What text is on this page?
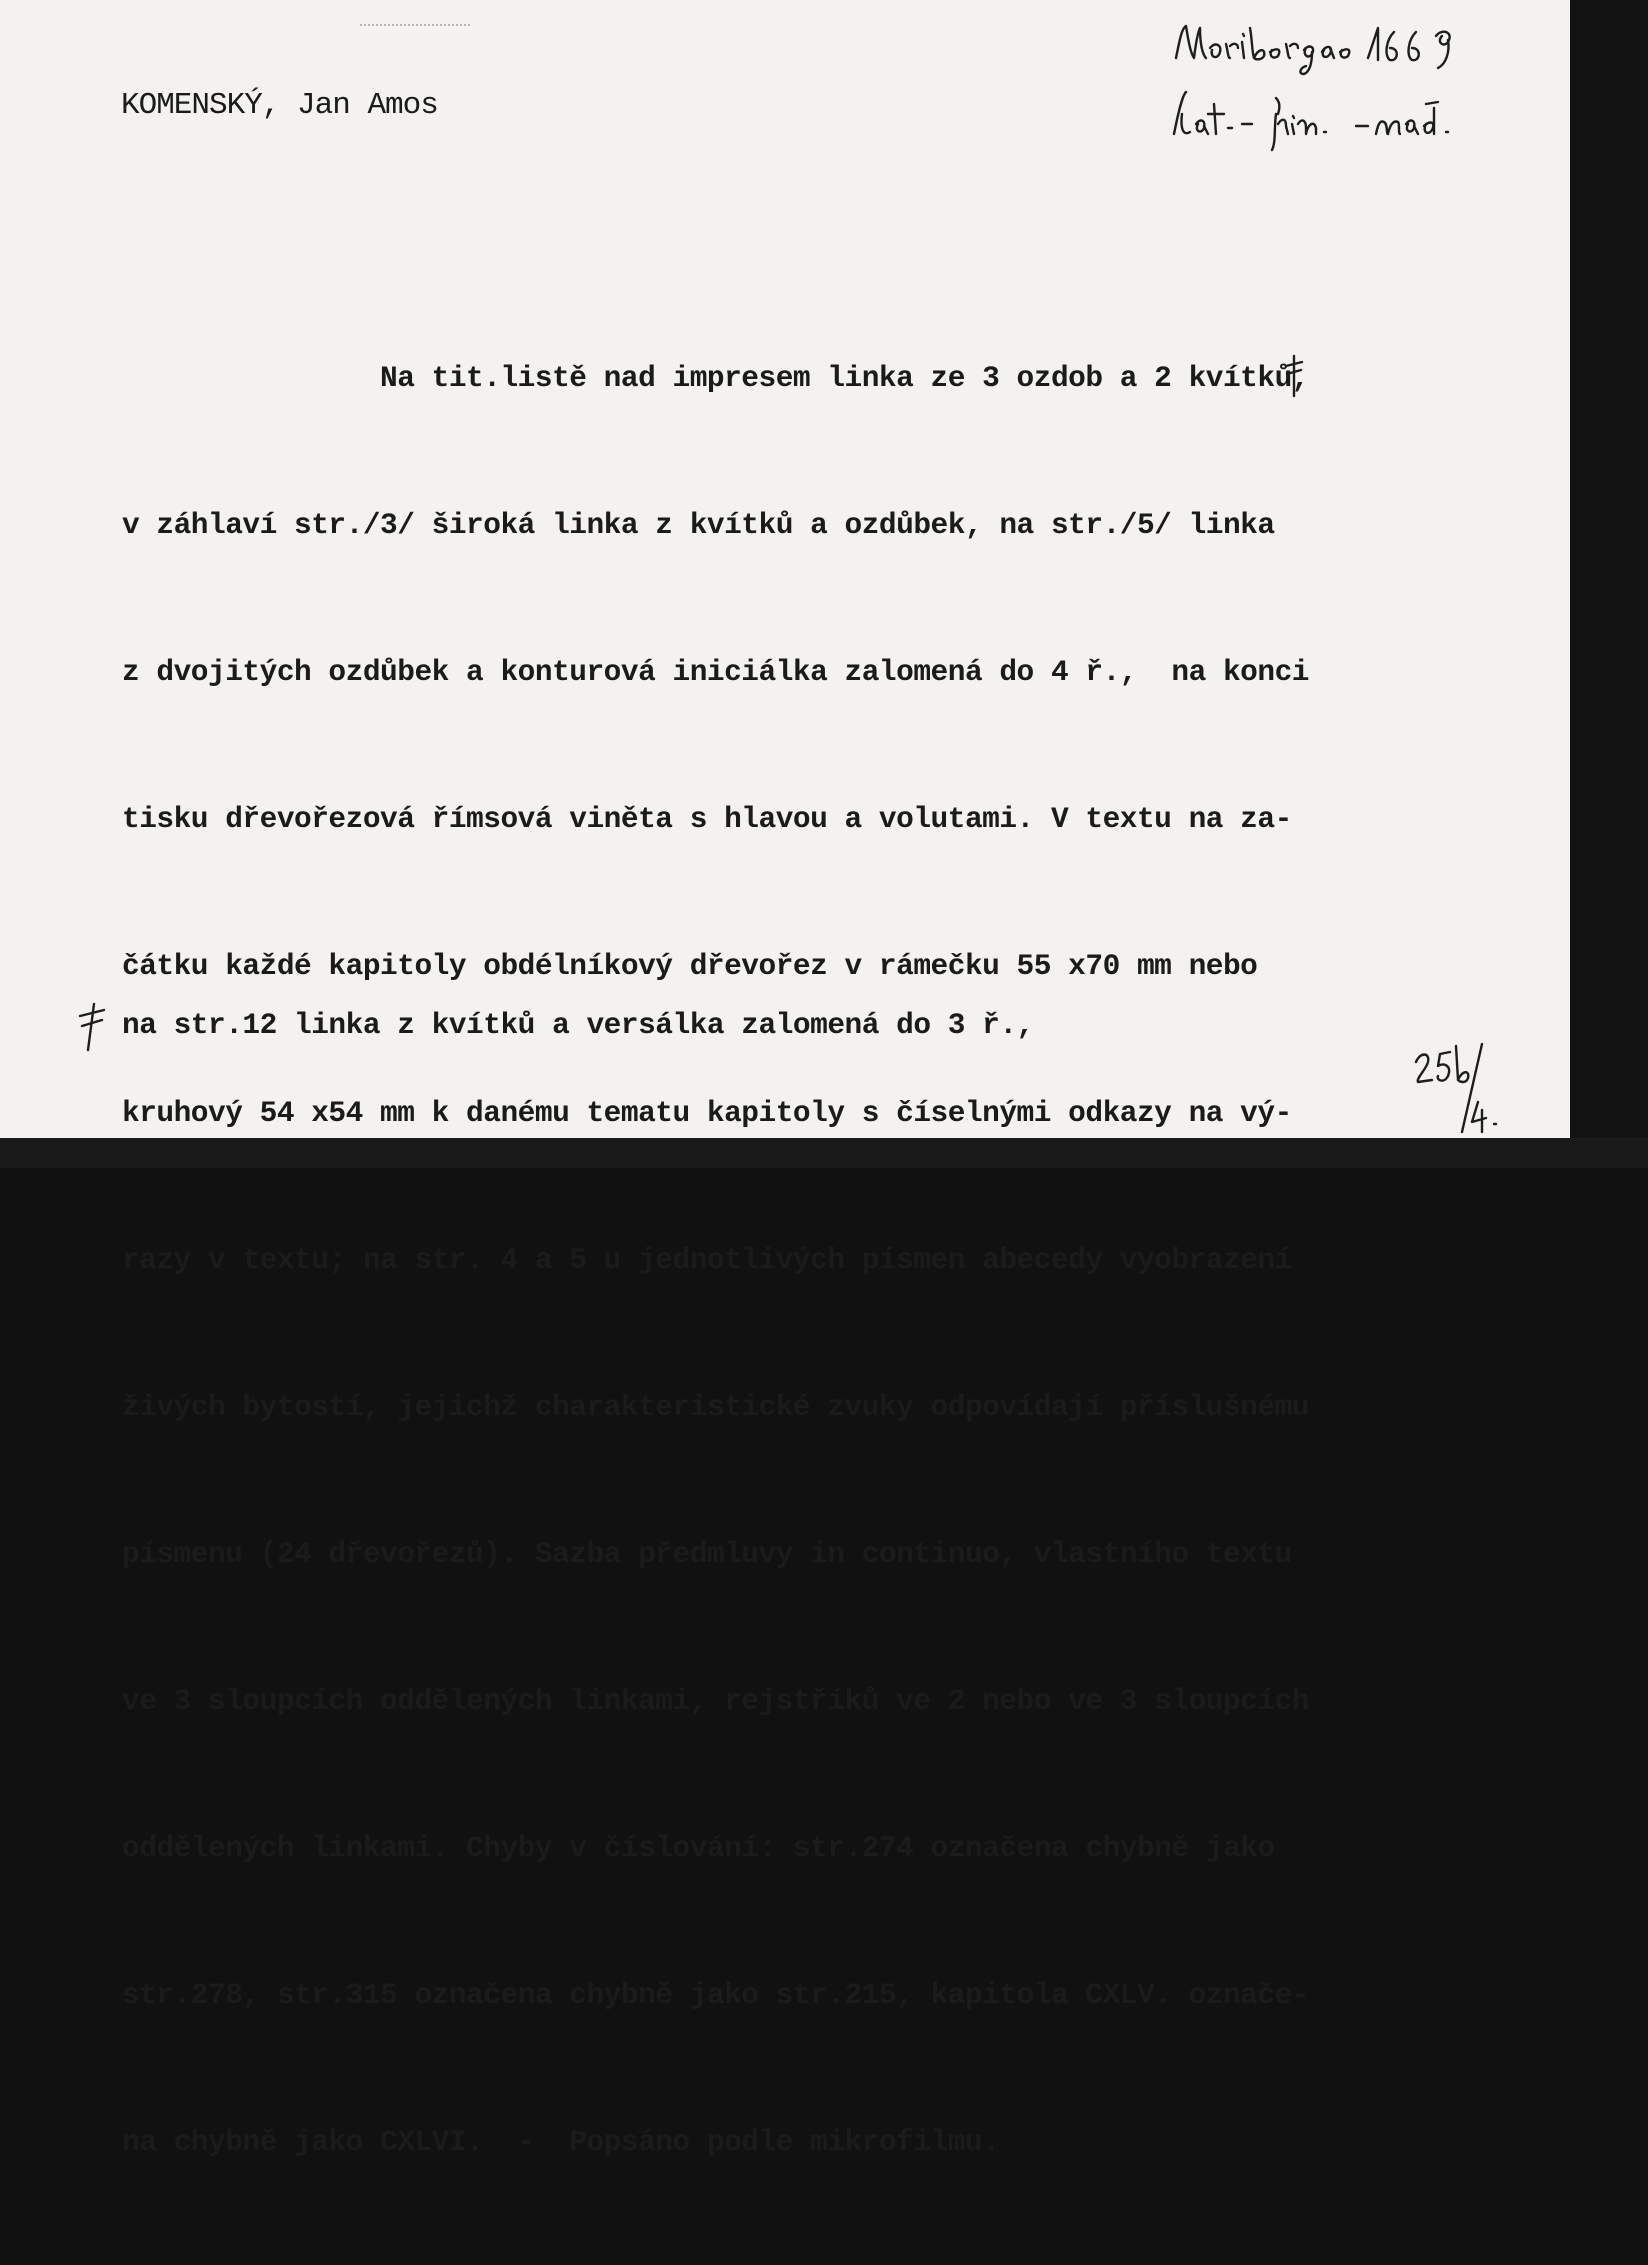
KOMENSKÝ, Jan Amos

Na tit.listě nad impresem linka ze 3 ozdob a 2 kvítků,

v záhlaví str./3/ široká linka z kvítků a ozdůbek, na str./5/ linka

z dvojitých ozdůbek a konturová iniciálka zalomená do 4 ř.,  na konci

tisku dřevořezová římsová viněta s hlavou a volutami. V textu na za-

čátku každé kapitoly obdélníkový dřevořez v rámečku 55 x70 mm nebo

kruhový 54 x54 mm k danému tematu kapitoly s číselnými odkazy na vý-

razy v textu; na str. 4 a 5 u jednotlivých písmen abecedy vyobrazení

živých bytostí, jejichž charakteristické zvuky odpovídají příslušnému

písmenu (24 dřevořezů). Sazba předmluvy in continuo, vlastního textu

ve 3 sloupcích oddělených linkami, rejstříků ve 2 nebo ve 3 sloupcích

oddělených linkami. Chyby v číslování: str.274 označena chybně jako

str.278, str.315 označena chybně jako str.215, kapitola CXLV. označe-

na chybně jako CXLVI.  -  Popsáno podle mikrofilmu.

na str.12 linka z kvítků a versálka zalomená do 3 ř.,
